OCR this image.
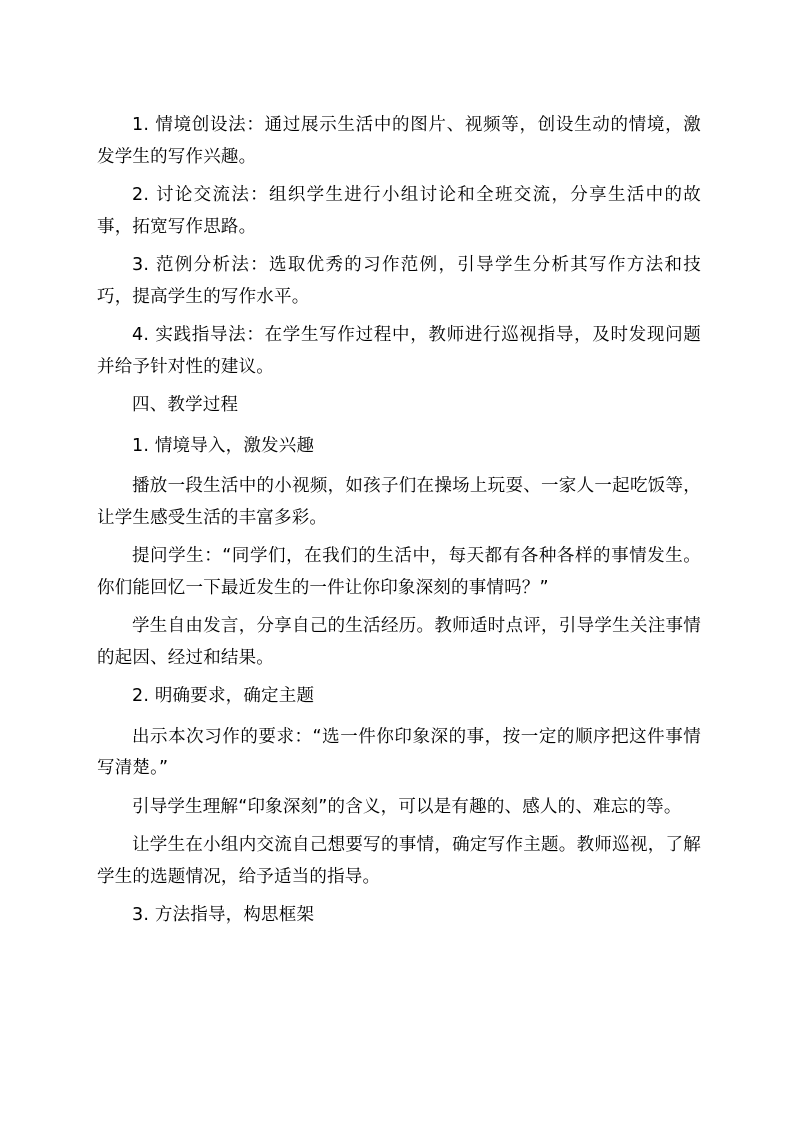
1. 情境创设法：通过展示生活中的图片、视频等，创设生动的情境，激发学生的写作兴趣。

2. 讨论交流法：组织学生进行小组讨论和全班交流，分享生活中的故事，拓宽写作思路。

3. 范例分析法：选取优秀的习作范例，引导学生分析其写作方法和技巧，提高学生的写作水平。

4. 实践指导法：在学生写作过程中，教师进行巡视指导，及时发现问题并给予针对性的建议。

四、教学过程

1. 情境导入，激发兴趣

播放一段生活中的小视频，如孩子们在操场上玩耍、一家人一起吃饭等，让学生感受生活的丰富多彩。

提问学生：“同学们，在我们的生活中，每天都有各种各样的事情发生。你们能回忆一下最近发生的一件让你印象深刻的事情吗？”

学生自由发言，分享自己的生活经历。教师适时点评，引导学生关注事情的起因、经过和结果。

2. 明确要求，确定主题

出示本次习作的要求：“选一件你印象深的事，按一定的顺序把这件事情写清楚。”

引导学生理解“印象深刻”的含义，可以是有趣的、感人的、难忘的等。

让学生在小组内交流自己想要写的事情，确定写作主题。教师巡视，了解学生的选题情况，给予适当的指导。

3. 方法指导，构思框架
